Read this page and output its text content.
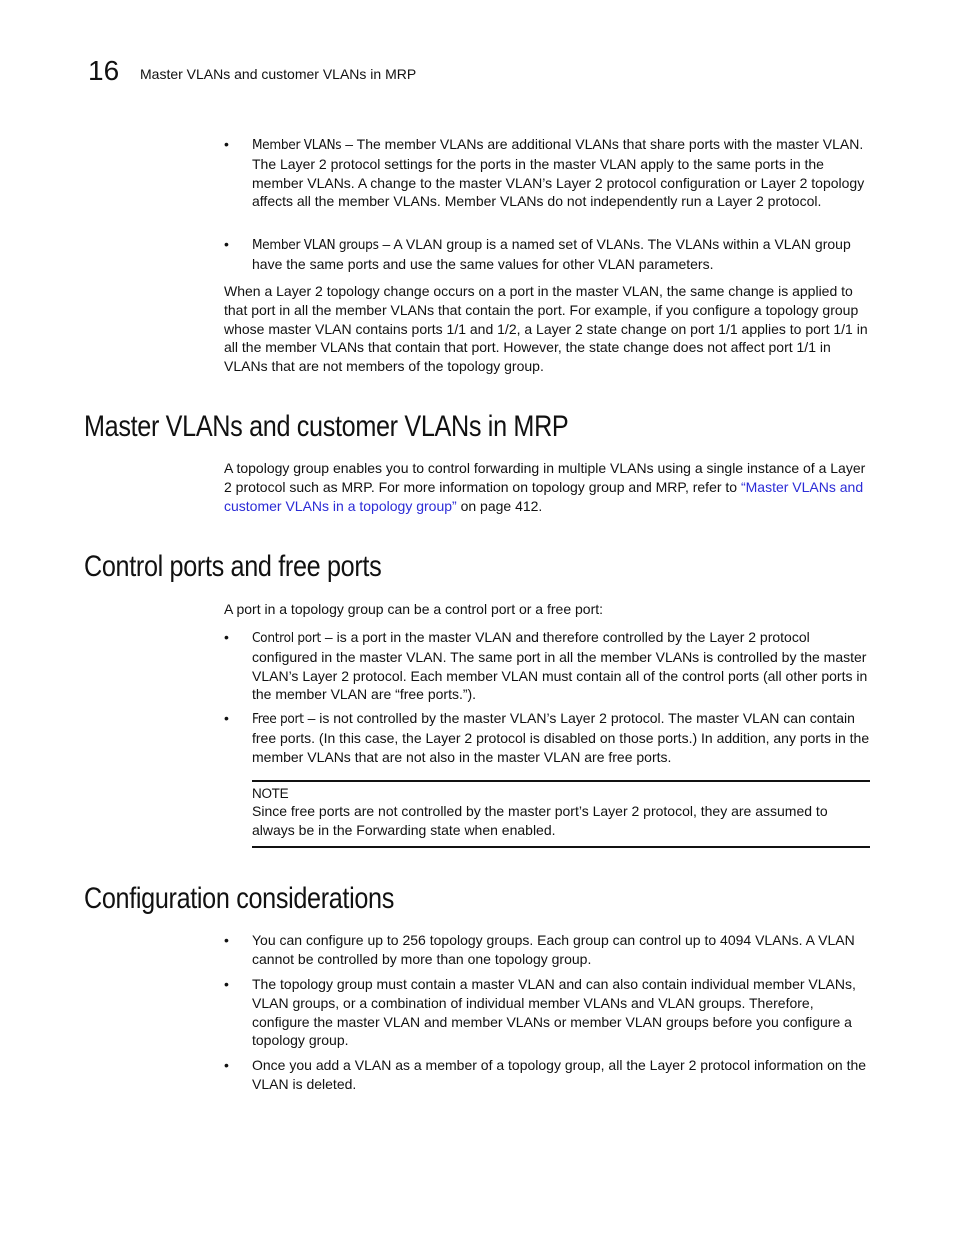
16 Master VLANs and customer VLANs in MRP
•	Member VLANs – The member VLANs are additional VLANs that share ports with the master VLAN. The Layer 2 protocol settings for the ports in the master VLAN apply to the same ports in the member VLANs. A change to the master VLAN’s Layer 2 protocol configuration or Layer 2 topology affects all the member VLANs. Member VLANs do not independently run a Layer 2 protocol.
•	Member VLAN groups – A VLAN group is a named set of VLANs. The VLANs within a VLAN group have the same ports and use the same values for other VLAN parameters.
When a Layer 2 topology change occurs on a port in the master VLAN, the same change is applied to that port in all the member VLANs that contain the port. For example, if you configure a topology group whose master VLAN contains ports 1/1 and 1/2, a Layer 2 state change on port 1/1 applies to port 1/1 in all the member VLANs that contain that port. However, the state change does not affect port 1/1 in VLANs that are not members of the topology group.
Master VLANs and customer VLANs in MRP
A topology group enables you to control forwarding in multiple VLANs using a single instance of a Layer 2 protocol such as MRP. For more information on topology group and MRP, refer to “Master VLANs and customer VLANs in a topology group” on page 412.
Control ports and free ports
A port in a topology group can be a control port or a free port:
•	Control port – is a port in the master VLAN and therefore controlled by the Layer 2 protocol configured in the master VLAN. The same port in all the member VLANs is controlled by the master VLAN’s Layer 2 protocol. Each member VLAN must contain all of the control ports (all other ports in the member VLAN are “free ports.”).
•	Free port – is not controlled by the master VLAN’s Layer 2 protocol. The master VLAN can contain free ports. (In this case, the Layer 2 protocol is disabled on those ports.) In addition, any ports in the member VLANs that are not also in the master VLAN are free ports.
NOTE
Since free ports are not controlled by the master port’s Layer 2 protocol, they are assumed to always be in the Forwarding state when enabled.
Configuration considerations
•	You can configure up to 256 topology groups. Each group can control up to 4094 VLANs. A VLAN cannot be controlled by more than one topology group.
•	The topology group must contain a master VLAN and can also contain individual member VLANs, VLAN groups, or a combination of individual member VLANs and VLAN groups. Therefore, configure the master VLAN and member VLANs or member VLAN groups before you configure a topology group.
•	Once you add a VLAN as a member of a topology group, all the Layer 2 protocol information on the VLAN is deleted.
